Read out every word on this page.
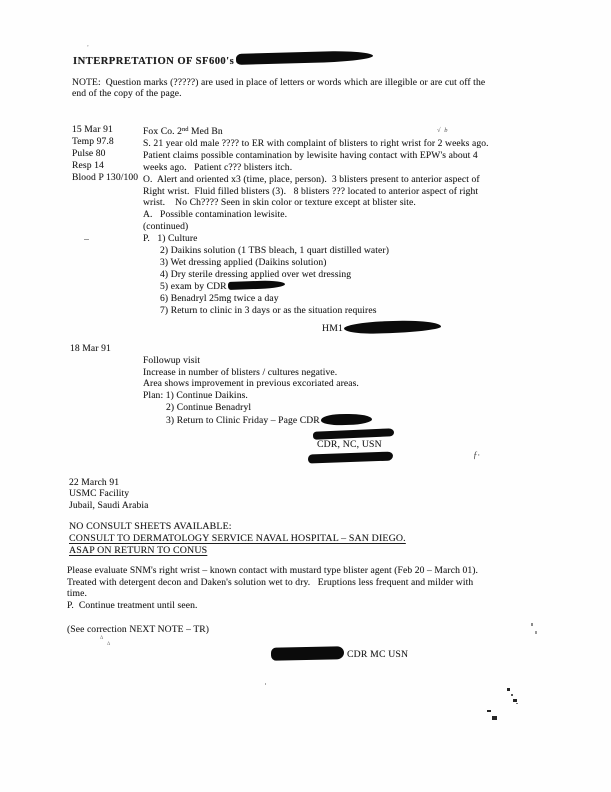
INTERPRETATION OF SF600's
,
NOTE:  Question marks (?????) are used in place of letters or words which are illegible or are cut off the
end of the copy of the page.
15 Mar 91
Temp 97.8
Pulse 80
Resp 14
Blood P 130/100
Fox Co. 2nd Med Bn
S. 21 year old male ???? to ER with complaint of blisters to right wrist for 2 weeks ago.
Patient claims possible contamination by lewisite having contact with EPW's about 4
weeks ago.   Patient c??? blisters itch.
O.  Alert and oriented x3 (time, place, person).  3 blisters present to anterior aspect of
Right wrist.  Fluid filled blisters (3).   8 blisters ??? located to anterior aspect of right
wrist.    No Ch???? Seen in skin color or texture except at blister site.
A.   Possible contamination lewisite.
(continued)
P.   1) Culture
2) Daikins solution (1 TBS bleach, 1 quart distilled water)
3) Wet dressing applied (Daikins solution)
4) Dry sterile dressing applied over wet dressing
5) exam by CDR
6) Benadryl 25mg twice a day
7) Return to clinic in 3 days or as the situation requires
√ b
HM1
18 Mar 91
Followup visit
Increase in number of blisters / cultures negative.
Area shows improvement in previous excoriated areas.
Plan: 1) Continue Daikins.
2) Continue Benadryl
3) Return to Clinic Friday – Page CDR
CDR, NC, USN
ƒ·
22 March 91
USMC Facility
Jubail, Saudi Arabia
NO CONSULT SHEETS AVAILABLE:
CONSULT TO DERMATOLOGY SERVICE NAVAL HOSPITAL – SAN DIEGO.
ASAP ON RETURN TO CONUS
Please evaluate SNM's right wrist – known contact with mustard type blister agent (Feb 20 – March 01).
Treated with detergent decon and Daken's solution wet to dry.   Eruptions less frequent and milder with
time.
P.  Continue treatment until seen.
(See correction NEXT NOTE – TR)
Δ
Δ
CDR MC USN
